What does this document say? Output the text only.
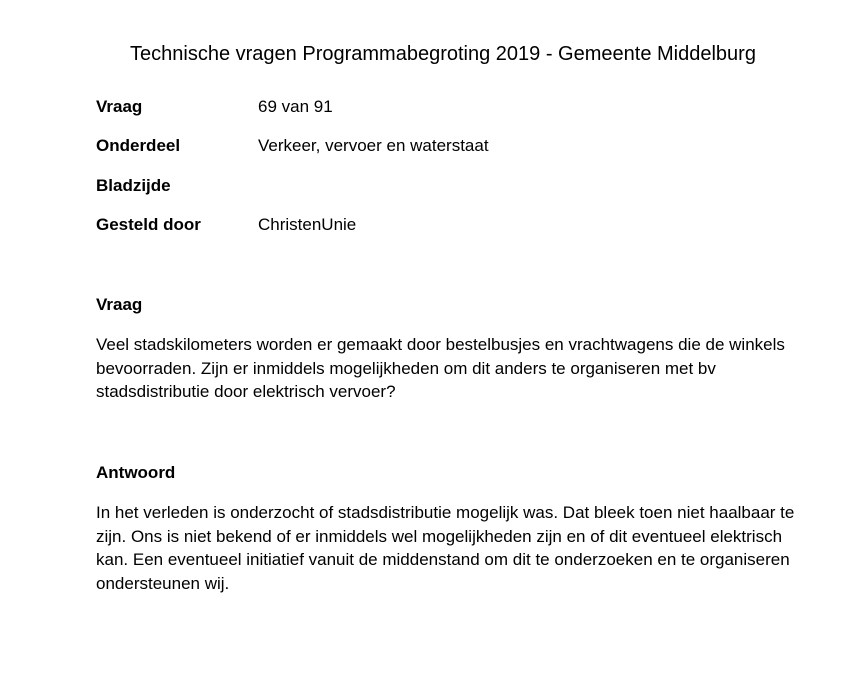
Technische vragen Programmabegroting 2019 - Gemeente Middelburg
Vraag	69 van 91
Onderdeel	Verkeer, vervoer en waterstaat
Bladzijde
Gesteld door	ChristenUnie
Vraag
Veel stadskilometers worden er gemaakt door bestelbusjes en vrachtwagens die de winkels bevoorraden. Zijn er inmiddels mogelijkheden om dit anders te organiseren met bv stadsdistributie door elektrisch vervoer?
Antwoord
In het verleden is onderzocht of stadsdistributie mogelijk was. Dat bleek toen niet haalbaar te zijn. Ons is niet bekend of er inmiddels wel mogelijkheden zijn en of dit eventueel elektrisch kan. Een eventueel initiatief vanuit de middenstand om dit te onderzoeken en te organiseren ondersteunen wij.
